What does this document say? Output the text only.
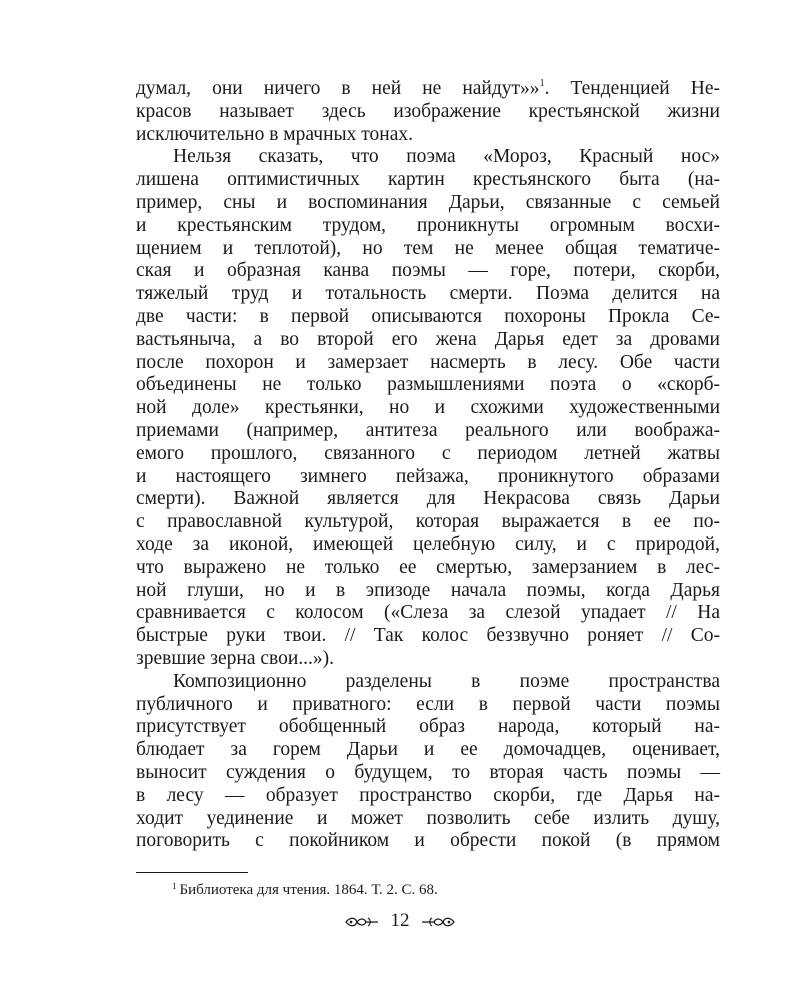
думал, они ничего в ней не найдут»»$^1$. Тенденцией Не-
красов называет здесь изображение крестьянской жизни
исключительно в мрачных тонах.
Нельзя сказать, что поэма «Мороз, Красный нос»
лишена оптимистичных картин крестьянского быта (на-
пример, сны и воспоминания Дарьи, связанные с семьей
и крестьянским трудом, проникнуты огромным восхи-
щением и теплотой), но тем не менее общая тематиче-
ская и образная канва поэмы — горе, потери, скорби,
тяжелый труд и тотальность смерти. Поэма делится на
две части: в первой описываются похороны Прокла Се-
вастьяныча, а во второй его жена Дарья едет за дровами
после похорон и замерзает насмерть в лесу. Обе части
объединены не только размышлениями поэта о «скорб-
ной доле» крестьянки, но и схожими художественными
приемами (например, антитеза реального или вообража-
емого прошлого, связанного с периодом летней жатвы
и настоящего зимнего пейзажа, проникнутого образами
смерти). Важной является для Некрасова связь Дарьи
с православной культурой, которая выражается в ее по-
ходе за иконой, имеющей целебную силу, и с природой,
что выражено не только ее смертью, замерзанием в лес-
ной глуши, но и в эпизоде начала поэмы, когда Дарья
сравнивается с колосом («Слеза за слезой упадает // На
быстрые руки твои. // Так колос беззвучно роняет // Со-
зревшие зерна свои...»).
Композиционно разделены в поэме пространства
публичного и приватного: если в первой части поэмы
присутствует обобщенный образ народа, который на-
блюдает за горем Дарьи и ее домочадцев, оценивает,
выносит суждения о будущем, то вторая часть поэмы —
в лесу — образует пространство скорби, где Дарья на-
ходит уединение и может позволить себе излить душу,
поговорить с покойником и обрести покой (в прямом
$^1$ Библиотека для чтения. 1864. Т. 2. С. 68.
12
